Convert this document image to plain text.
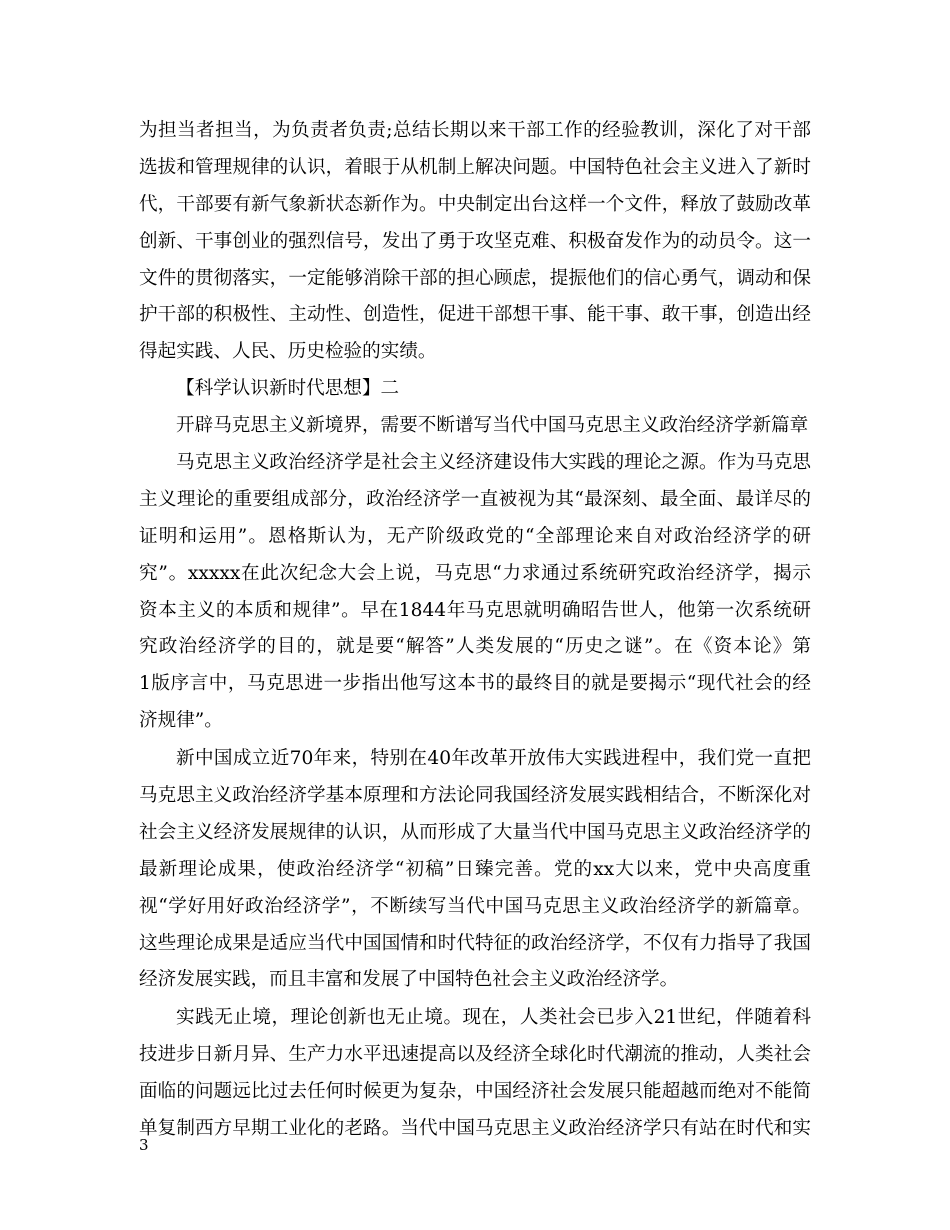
为担当者担当，为负责者负责;总结长期以来干部工作的经验教训，深化了对干部
选拔和管理规律的认识，着眼于从机制上解决问题。中国特色社会主义进入了新时
代，干部要有新气象新状态新作为。中央制定出台这样一个文件，释放了鼓励改革
创新、干事创业的强烈信号，发出了勇于攻坚克难、积极奋发作为的动员令。这一
文件的贯彻落实，一定能够消除干部的担心顾虑，提振他们的信心勇气，调动和保
护干部的积极性、主动性、创造性，促进干部想干事、能干事、敢干事，创造出经
得起实践、人民、历史检验的实绩。
【科学认识新时代思想】二
开辟马克思主义新境界，需要不断谱写当代中国马克思主义政治经济学新篇章
马克思主义政治经济学是社会主义经济建设伟大实践的理论之源。作为马克思
主义理论的重要组成部分，政治经济学一直被视为其“最深刻、最全面、最详尽的
证明和运用”。恩格斯认为，无产阶级政党的“全部理论来自对政治经济学的研
究”。xxxxx在此次纪念大会上说，马克思“力求通过系统研究政治经济学，揭示
资本主义的本质和规律”。早在1844年马克思就明确昭告世人，他第一次系统研
究政治经济学的目的，就是要“解答”人类发展的“历史之谜”。在《资本论》第
1版序言中，马克思进一步指出他写这本书的最终目的就是要揭示“现代社会的经
济规律”。
新中国成立近70年来，特别在40年改革开放伟大实践进程中，我们党一直把
马克思主义政治经济学基本原理和方法论同我国经济发展实践相结合，不断深化对
社会主义经济发展规律的认识，从而形成了大量当代中国马克思主义政治经济学的
最新理论成果，使政治经济学“初稿”日臻完善。党的xx大以来，党中央高度重
视“学好用好政治经济学”，不断续写当代中国马克思主义政治经济学的新篇章。
这些理论成果是适应当代中国国情和时代特征的政治经济学，不仅有力指导了我国
经济发展实践，而且丰富和发展了中国特色社会主义政治经济学。
实践无止境，理论创新也无止境。现在，人类社会已步入21世纪，伴随着科
技进步日新月异、生产力水平迅速提高以及经济全球化时代潮流的推动，人类社会
面临的问题远比过去任何时候更为复杂，中国经济社会发展只能超越而绝对不能简
单复制西方早期工业化的老路。当代中国马克思主义政治经济学只有站在时代和实
3
